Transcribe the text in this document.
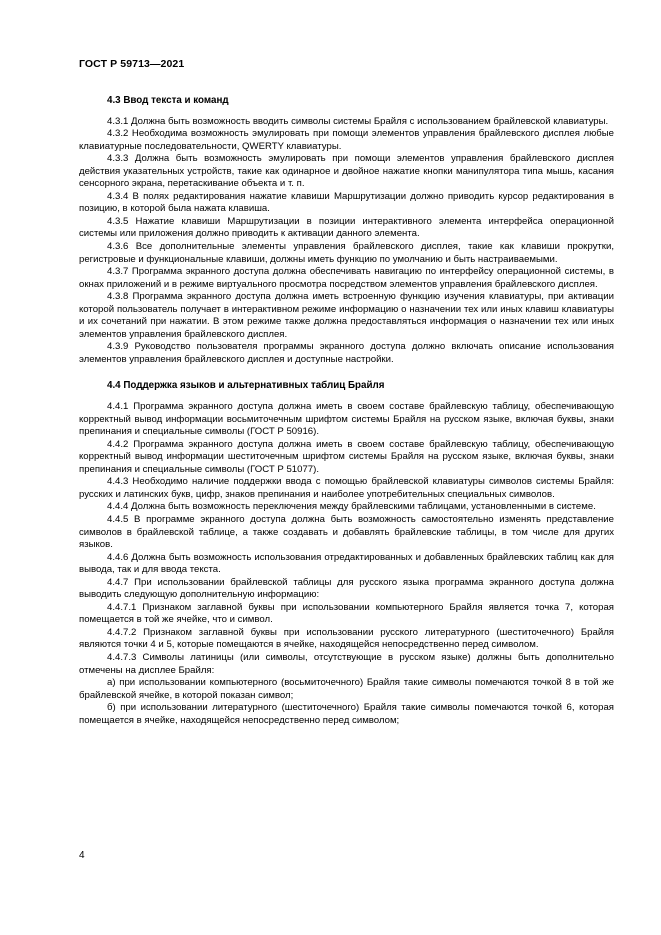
ГОСТ Р 59713—2021
4.3 Ввод текста и команд

4.3.1 Должна быть возможность вводить символы системы Брайля с использованием брайлевской клавиатуры.

4.3.2 Необходима возможность эмулировать при помощи элементов управления брайлевского дисплея любые клавиатурные последовательности, QWERTY клавиатуры.

4.3.3 Должна быть возможность эмулировать при помощи элементов управления брайлевского дисплея действия указательных устройств, такие как одинарное и двойное нажатие кнопки манипулятора типа мышь, касания сенсорного экрана, перетаскивание объекта и т. п.

4.3.4 В полях редактирования нажатие клавиши Маршрутизации должно приводить курсор редактирования в позицию, в которой была нажата клавиша.

4.3.5 Нажатие клавиши Маршрутизации в позиции интерактивного элемента интерфейса операционной системы или приложения должно приводить к активации данного элемента.

4.3.6 Все дополнительные элементы управления брайлевского дисплея, такие как клавиши прокрутки, регистровые и функциональные клавиши, должны иметь функцию по умолчанию и быть настраиваемыми.

4.3.7 Программа экранного доступа должна обеспечивать навигацию по интерфейсу операционной системы, в окнах приложений и в режиме виртуального просмотра посредством элементов управления брайлевского дисплея.

4.3.8 Программа экранного доступа должна иметь встроенную функцию изучения клавиатуры, при активации которой пользователь получает в интерактивном режиме информацию о назначении тех или иных клавиш клавиатуры и их сочетаний при нажатии. В этом режиме также должна предоставляться информация о назначении тех или иных элементов управления брайлевского дисплея.

4.3.9 Руководство пользователя программы экранного доступа должно включать описание использования элементов управления брайлевского дисплея и доступные настройки.

4.4 Поддержка языков и альтернативных таблиц Брайля

4.4.1 Программа экранного доступа должна иметь в своем составе брайлевскую таблицу, обеспечивающую корректный вывод информации восьмиточечным шрифтом системы Брайля на русском языке, включая буквы, знаки препинания и специальные символы (ГОСТ Р 50916).

4.4.2 Программа экранного доступа должна иметь в своем составе брайлевскую таблицу, обеспечивающую корректный вывод информации шеститочечным шрифтом системы Брайля на русском языке, включая буквы, знаки препинания и специальные символы (ГОСТ Р 51077).

4.4.3 Необходимо наличие поддержки ввода с помощью брайлевской клавиатуры символов системы Брайля: русских и латинских букв, цифр, знаков препинания и наиболее употребительных специальных символов.

4.4.4 Должна быть возможность переключения между брайлевскими таблицами, установленными в системе.

4.4.5 В программе экранного доступа должна быть возможность самостоятельно изменять представление символов в брайлевской таблице, а также создавать и добавлять брайлевские таблицы, в том числе для других языков.

4.4.6 Должна быть возможность использования отредактированных и добавленных брайлевских таблиц как для вывода, так и для ввода текста.

4.4.7 При использовании брайлевской таблицы для русского языка программа экранного доступа должна выводить следующую дополнительную информацию:

4.4.7.1 Признаком заглавной буквы при использовании компьютерного Брайля является точка 7, которая помещается в той же ячейке, что и символ.

4.4.7.2 Признаком заглавной буквы при использовании русского литературного (шеститочечного) Брайля являются точки 4 и 5, которые помещаются в ячейке, находящейся непосредственно перед символом.

4.4.7.3 Символы латиницы (или символы, отсутствующие в русском языке) должны быть дополнительно отмечены на дисплее Брайля:

а) при использовании компьютерного (восьмиточечного) Брайля такие символы помечаются точкой 8 в той же брайлевской ячейке, в которой показан символ;

б) при использовании литературного (шеститочечного) Брайля такие символы помечаются точкой 6, которая помещается в ячейке, находящейся непосредственно перед символом;

4
